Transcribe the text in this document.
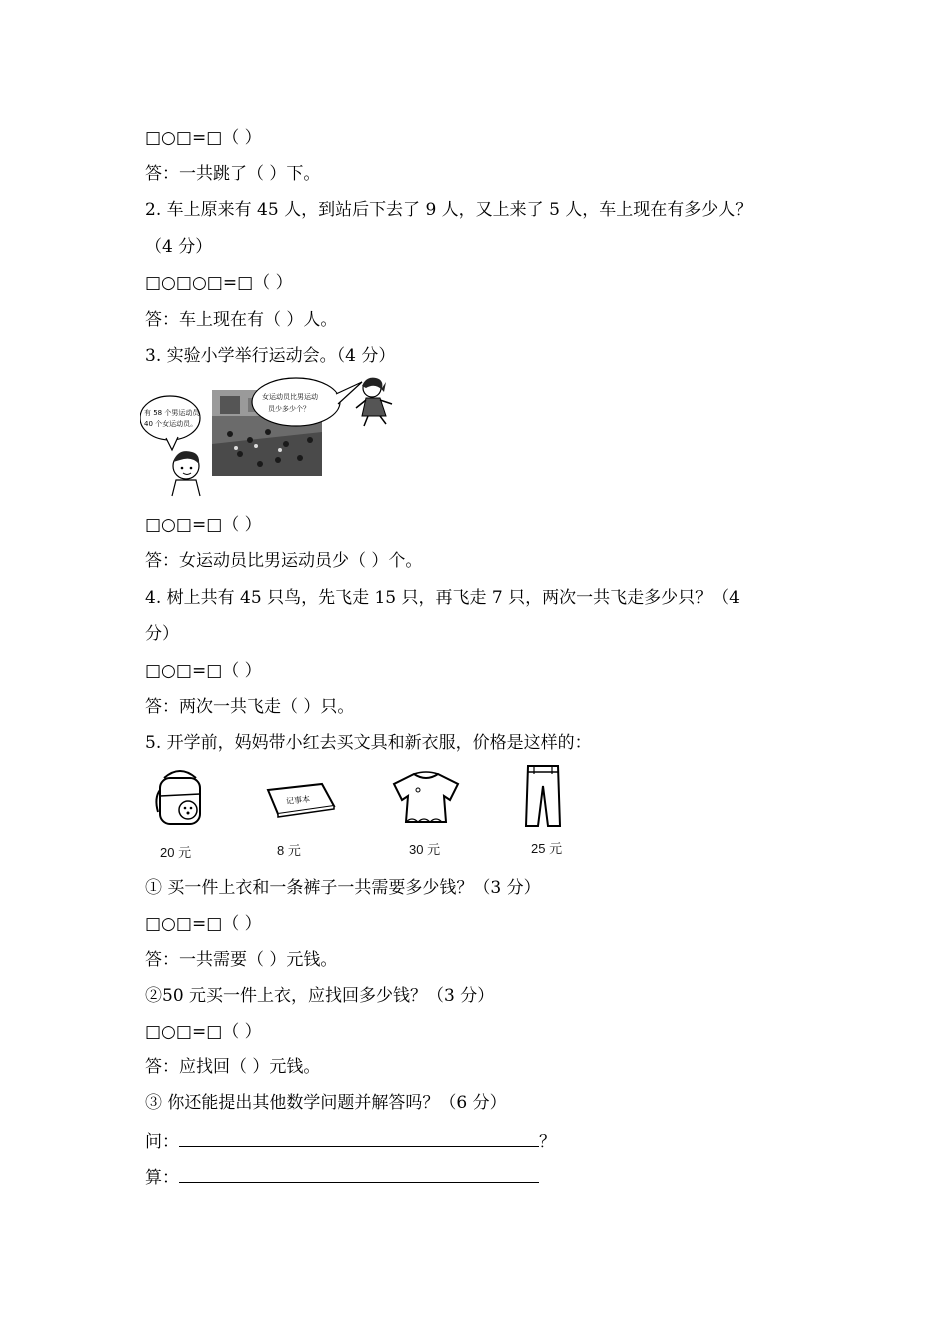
□○□=□（ ）
答：一共跳了（ ）下。
2. 车上原来有 45 人，到站后下去了 9 人，又上来了 5 人，车上现在有多少人？
（4 分）
□○□○□=□（ ）
答：车上现在有（ ）人。
3. 实验小学举行运动会。（4 分）
有 58 个男运动员
40 个女运动员。
女运动员比男运动
员少多少个？
□○□=□（ ）
答：女运动员比男运动员少（ ）个。
4. 树上共有 45 只鸟，先飞走 15 只，再飞走 7 只，两次一共飞走多少只？（4
分）
□○□=□（ ）
答：两次一共飞走（ ）只。
5. 开学前，妈妈带小红去买文具和新衣服，价格是这样的：
记事本
20 元	8 元	30 元	25 元
① 买一件上衣和一条裤子一共需要多少钱？（3 分）
□○□=□（ ）
答：一共需要（ ）元钱。
②50 元买一件上衣，应找回多少钱？（3 分）
□○□=□（ ）
答：应找回（ ）元钱。
③ 你还能提出其他数学问题并解答吗？（6 分）
问：	？
算：
